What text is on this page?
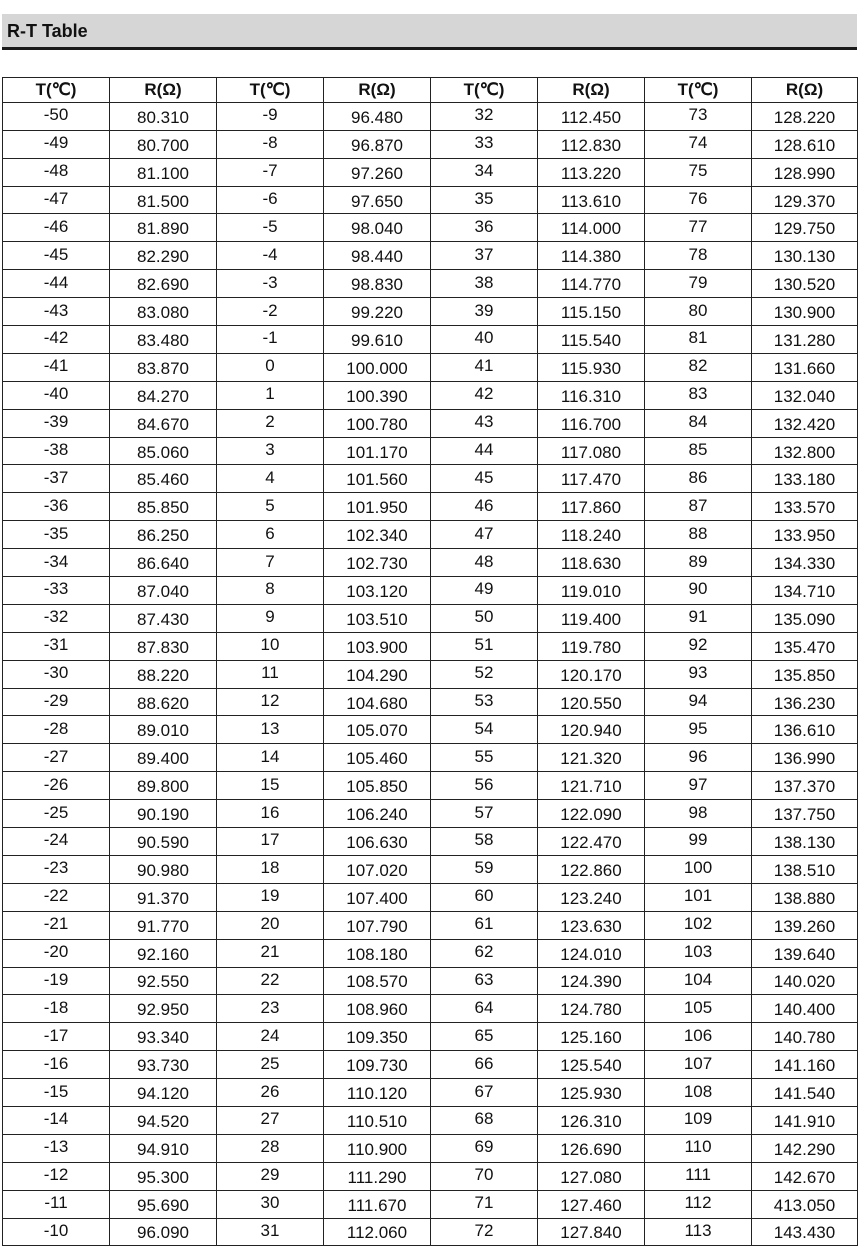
R-T Table
T(℃)	R(Ω)	T(℃)	R(Ω)	T(℃)	R(Ω)	T(℃)	R(Ω)
-50	80.310	-9	96.480	32	112.450	73	128.220
-49	80.700	-8	96.870	33	112.830	74	128.610
-48	81.100	-7	97.260	34	113.220	75	128.990
-47	81.500	-6	97.650	35	113.610	76	129.370
-46	81.890	-5	98.040	36	114.000	77	129.750
-45	82.290	-4	98.440	37	114.380	78	130.130
-44	82.690	-3	98.830	38	114.770	79	130.520
-43	83.080	-2	99.220	39	115.150	80	130.900
-42	83.480	-1	99.610	40	115.540	81	131.280
-41	83.870	0	100.000	41	115.930	82	131.660
-40	84.270	1	100.390	42	116.310	83	132.040
-39	84.670	2	100.780	43	116.700	84	132.420
-38	85.060	3	101.170	44	117.080	85	132.800
-37	85.460	4	101.560	45	117.470	86	133.180
-36	85.850	5	101.950	46	117.860	87	133.570
-35	86.250	6	102.340	47	118.240	88	133.950
-34	86.640	7	102.730	48	118.630	89	134.330
-33	87.040	8	103.120	49	119.010	90	134.710
-32	87.430	9	103.510	50	119.400	91	135.090
-31	87.830	10	103.900	51	119.780	92	135.470
-30	88.220	11	104.290	52	120.170	93	135.850
-29	88.620	12	104.680	53	120.550	94	136.230
-28	89.010	13	105.070	54	120.940	95	136.610
-27	89.400	14	105.460	55	121.320	96	136.990
-26	89.800	15	105.850	56	121.710	97	137.370
-25	90.190	16	106.240	57	122.090	98	137.750
-24	90.590	17	106.630	58	122.470	99	138.130
-23	90.980	18	107.020	59	122.860	100	138.510
-22	91.370	19	107.400	60	123.240	101	138.880
-21	91.770	20	107.790	61	123.630	102	139.260
-20	92.160	21	108.180	62	124.010	103	139.640
-19	92.550	22	108.570	63	124.390	104	140.020
-18	92.950	23	108.960	64	124.780	105	140.400
-17	93.340	24	109.350	65	125.160	106	140.780
-16	93.730	25	109.730	66	125.540	107	141.160
-15	94.120	26	110.120	67	125.930	108	141.540
-14	94.520	27	110.510	68	126.310	109	141.910
-13	94.910	28	110.900	69	126.690	110	142.290
-12	95.300	29	111.290	70	127.080	111	142.670
-11	95.690	30	111.670	71	127.460	112	413.050
-10	96.090	31	112.060	72	127.840	113	143.430
